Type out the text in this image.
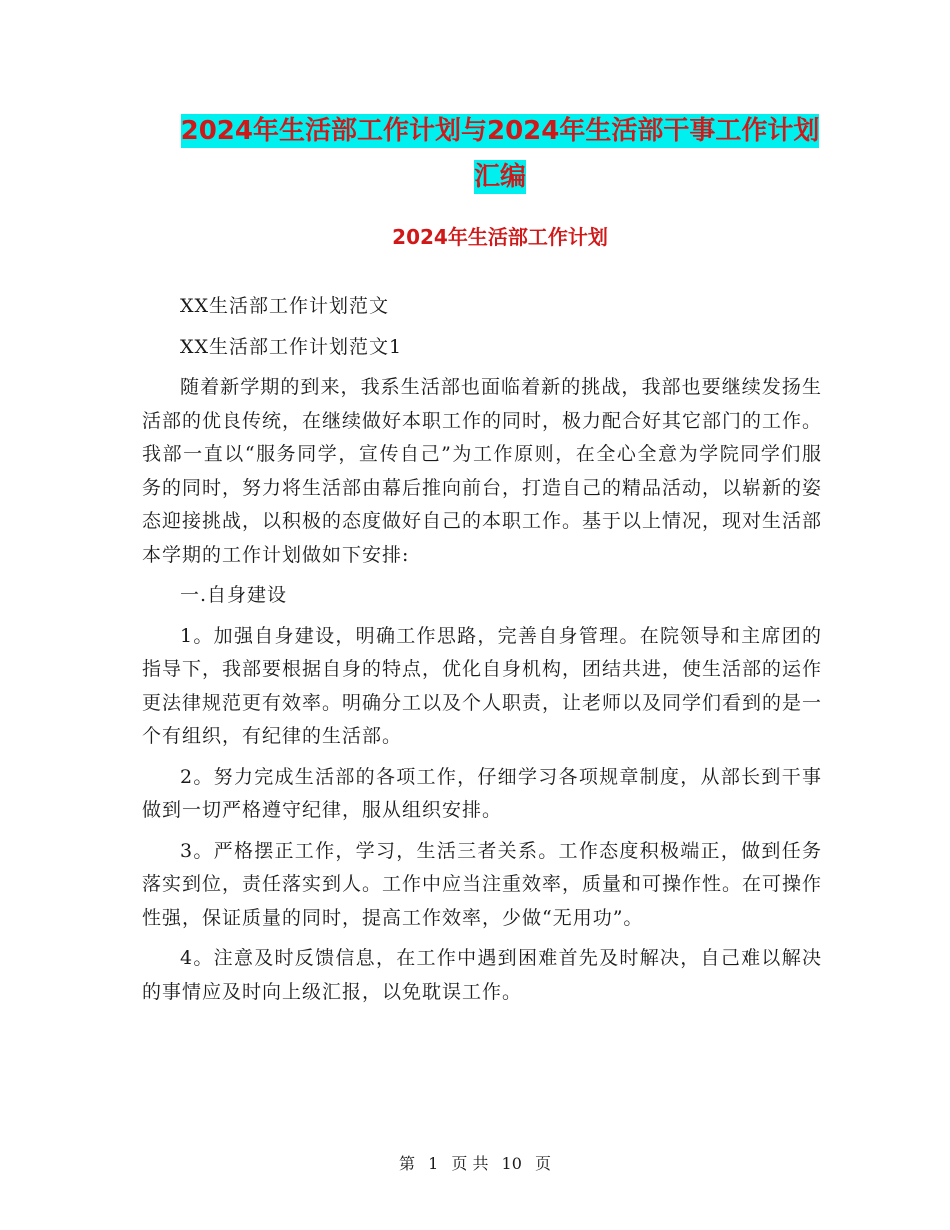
2024年生活部工作计划与2024年生活部干事工作计划
汇编
2024年生活部工作计划

XX生活部工作计划范文

XX生活部工作计划范文1

随着新学期的到来，我系生活部也面临着新的挑战，我部也要继续发扬生活部的优良传统，在继续做好本职工作的同时，极力配合好其它部门的工作。我部一直以“服务同学，宣传自己”为工作原则，在全心全意为学院同学们服务的同时，努力将生活部由幕后推向前台，打造自己的精品活动，以崭新的姿态迎接挑战，以积极的态度做好自己的本职工作。基于以上情况，现对生活部本学期的工作计划做如下安排:

一.自身建设

1。加强自身建设，明确工作思路，完善自身管理。在院领导和主席团的指导下，我部要根据自身的特点，优化自身机构，团结共进，使生活部的运作更法律规范更有效率。明确分工以及个人职责，让老师以及同学们看到的是一个有组织，有纪律的生活部。

2。努力完成生活部的各项工作，仔细学习各项规章制度，从部长到干事做到一切严格遵守纪律，服从组织安排。

3。严格摆正工作，学习，生活三者关系。工作态度积极端正，做到任务落实到位，责任落实到人。工作中应当注重效率，质量和可操作性。在可操作性强，保证质量的同时，提高工作效率，少做“无用功”。

4。注意及时反馈信息，在工作中遇到困难首先及时解决，自己难以解决的事情应及时向上级汇报，以免耽误工作。

第 1 页 共 10 页
